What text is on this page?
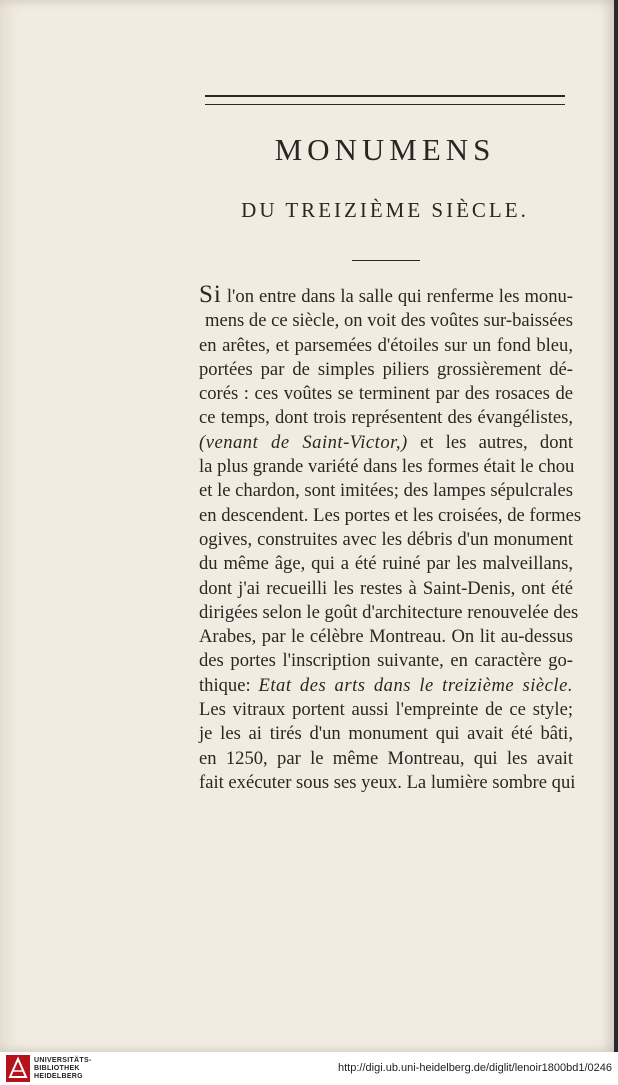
MONUMENS
DU TREIZIÈME SIÈCLE.
Si l'on entre dans la salle qui renferme les monu-
mens de ce siècle, on voit des voûtes sur-baissées
en arêtes, et parsemées d'étoiles sur un fond bleu,
portées par de simples piliers grossièrement dé-
corés : ces voûtes se terminent par des rosaces de
ce temps, dont trois représentent des évangélistes,
(venant de Saint-Victor,) et les autres, dont
la plus grande variété dans les formes était le chou
et le chardon, sont imitées; des lampes sépulcrales
en descendent. Les portes et les croisées, de formes
ogives, construites avec les débris d'un monument
du même âge, qui a été ruiné par les malveillans,
dont j'ai recueilli les restes à Saint-Denis, ont été
dirigées selon le goût d'architecture renouvelée des
Arabes, par le célèbre Montreau. On lit au-dessus
des portes l'inscription suivante, en caractère go-
thique: Etat des arts dans le treizième siècle.
Les vitraux portent aussi l'empreinte de ce style;
je les ai tirés d'un monument qui avait été bâti,
en 1250, par le même Montreau, qui les avait
fait exécuter sous ses yeux. La lumière sombre qui
UNIVERSITÄTS-
BIBLIOTHEK
HEIDELBERG
http://digi.ub.uni-heidelberg.de/diglit/lenoir1800bd1/0246
